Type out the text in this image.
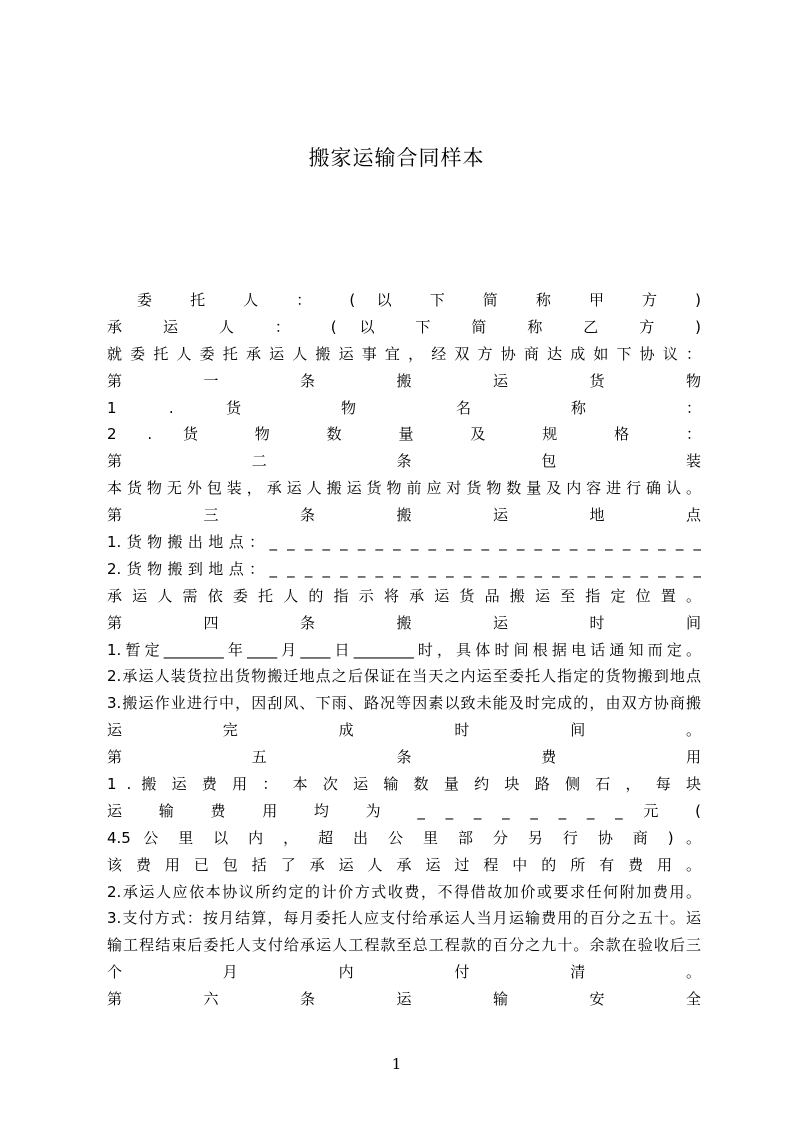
搬家运输合同样本
委 托 人 ： ( 以 下 简 称 甲 方 )
承 运 人 ： ( 以 下 简 称 乙 方 )
就委托人委托承运人搬运事宜，经双方协商达成如下协议：
第 一 条 搬 运 货 物
1 . 货 物 名 称 ：
2 . 货 物 数 量 及 规 格 ：
第 二 条 包 装
本货物无外包装，承运人搬运货物前应对货物数量及内容进行确认。
第 三 条 搬 运 地 点
1.货物搬出地点：_ _ _ _ _ _ _ _ _ _ _ _ _ _ _ _ _ _ _ _ _ _ _ _ _
2.货物搬到地点：_ _ _ _ _ _ _ _ _ _ _ _ _ _ _ _ _ _ _ _ _ _ _ _ _
承运人需依委托人的指示将承运货品搬运至指定位置。
第 四 条 搬 运 时 间
1.暂定________年____月____日________时，具体时间根据电话通知而定。
2.承运人装货拉出货物搬迁地点之后保证在当天之内运至委托人指定的货物搬到地点
3.搬运作业进行中，因刮风、下雨、路况等因素以致未能及时完成的，由双方协商搬
运 完 成 时 间 。
第 五 条 费 用
1 . 搬 运 费 用 ： 本 次 运 输 数 量 约 块 路 侧 石 ， 每 块
运 输 费 用 均 为 _ _ _ _ _ _ _ _ 元 (
4.5 公 里 以 内 ， 超 出 公 里 部 分 另 行 协 商 ) 。
该费用已包括了承运人承运过程中的所有费用。
2.承运人应依本协议所约定的计价方式收费，不得借故加价或要求任何附加费用。
3.支付方式：按月结算，每月委托人应支付给承运人当月运输费用的百分之五十。运
输工程结束后委托人支付给承运人工程款至总工程款的百分之九十。余款在验收后三
个 月 内 付 清 。
第 六 条 运 输 安 全
1
